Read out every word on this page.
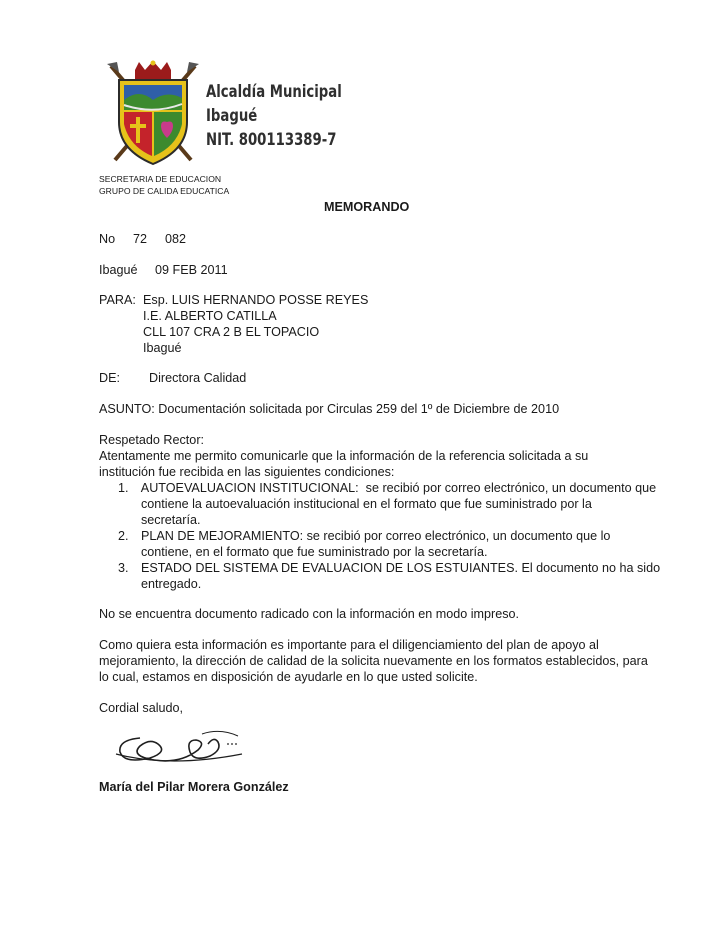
Alcaldía Municipal
Ibagué
NIT. 800113389-7
SECRETARIA DE EDUCACION
GRUPO DE CALIDA EDUCATICA
MEMORANDO
No 72 082
Ibagué 09 FEB 2011
PARA: Esp. LUIS HERNANDO POSSE REYES
I.E. ALBERTO CATILLA
CLL 107 CRA 2 B EL TOPACIO
Ibagué
DE: Directora Calidad
ASUNTO: Documentación solicitada por Circulas 259 del 1º de Diciembre de 2010
Respetado Rector:
Atentamente me permito comunicarle que la información de la referencia solicitada a su
institución fue recibida en las siguientes condiciones:
1. AUTOEVALUACION INSTITUCIONAL:  se recibió por correo electrónico, un documento que
contiene la autoevaluación institucional en el formato que fue suministrado por la
secretaría.
2. PLAN DE MEJORAMIENTO: se recibió por correo electrónico, un documento que lo
contiene, en el formato que fue suministrado por la secretaría.
3. ESTADO DEL SISTEMA DE EVALUACION DE LOS ESTUIANTES. El documento no ha sido
entregado.
No se encuentra documento radicado con la información en modo impreso.
Como quiera esta información es importante para el diligenciamiento del plan de apoyo al
mejoramiento, la dirección de calidad de la solicita nuevamente en los formatos establecidos, para
lo cual, estamos en disposición de ayudarle en lo que usted solicite.
Cordial saludo,
María del Pilar Morera González
